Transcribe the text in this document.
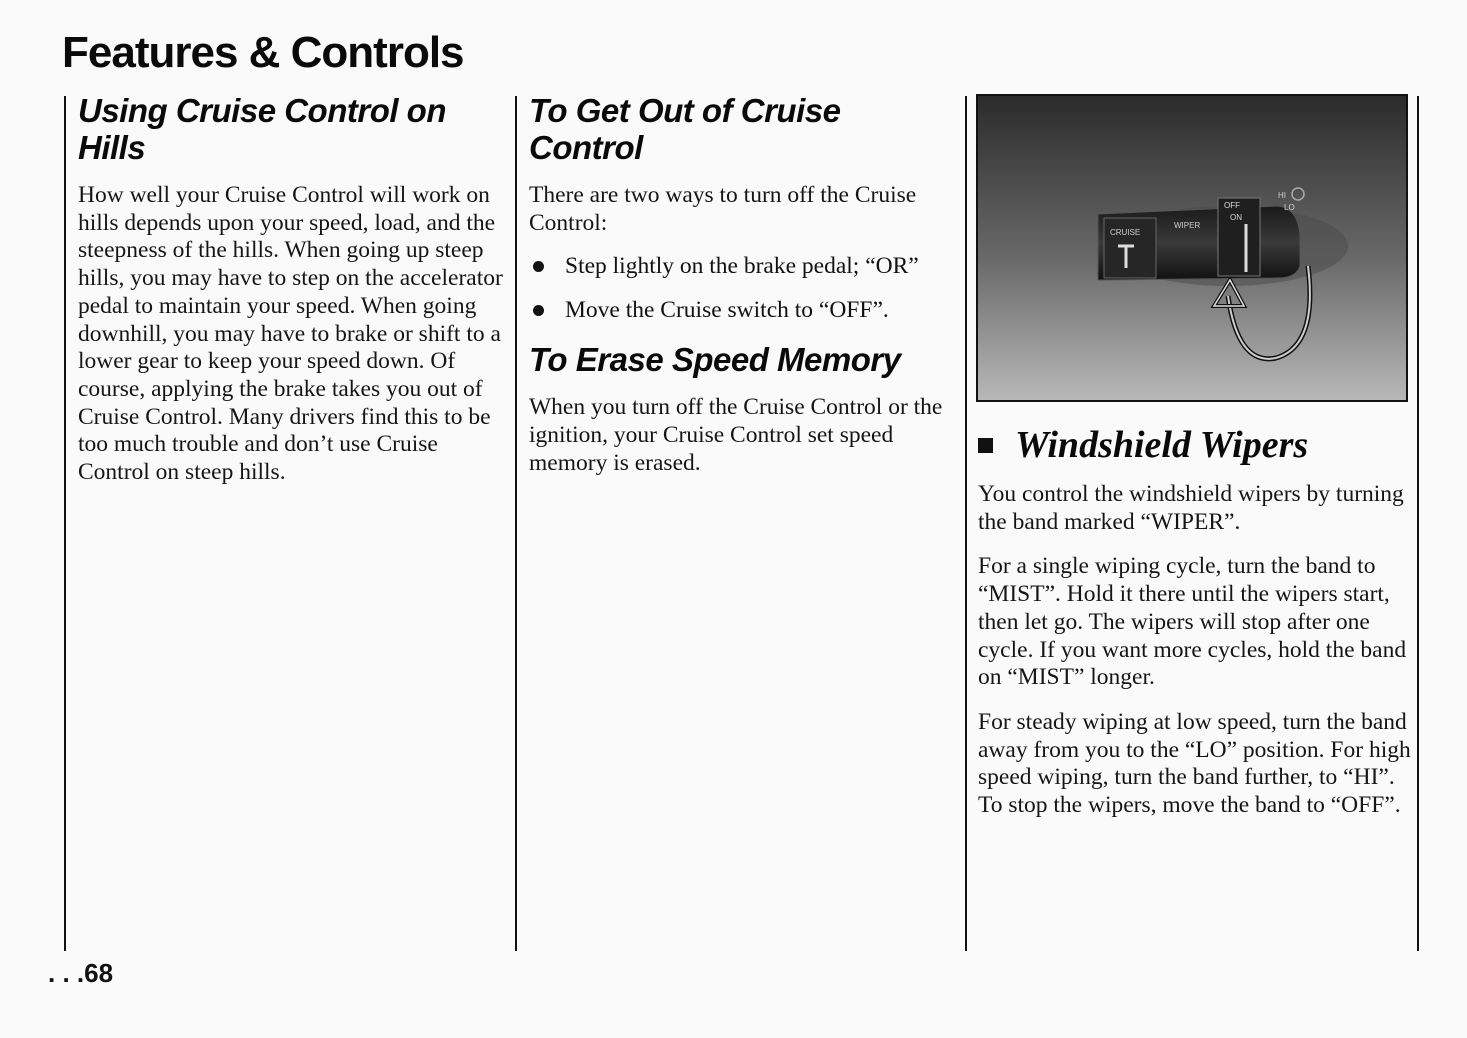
Features & Controls
Using Cruise Control on Hills

How well your Cruise Control will work on hills depends upon your speed, load, and the steepness of the hills. When going up steep hills, you may have to step on the accelerator pedal to maintain your speed. When going downhill, you may have to brake or shift to a lower gear to keep your speed down. Of course, applying the brake takes you out of Cruise Control. Many drivers find this to be too much trouble and don’t use Cruise Control on steep hills.

To Get Out of Cruise Control

There are two ways to turn off the Cruise Control:

Step lightly on the brake pedal; “OR”
Move the Cruise switch to “OFF”.
To Erase Speed Memory

When you turn off the Cruise Control or the ignition, your Cruise Control set speed memory is erased.

CRUISE
WIPER
OFF
ON
HI
LO
Windshield Wipers

You control the windshield wipers by turning the band marked “WIPER”.

For a single wiping cycle, turn the band to “MIST”. Hold it there until the wipers start, then let go. The wipers will stop after one cycle. If you want more cycles, hold the band on “MIST” longer.

For steady wiping at low speed, turn the band away from you to the “LO” position. For high speed wiping, turn the band further, to “HI”. To stop the wipers, move the band to “OFF”.

. . .68
